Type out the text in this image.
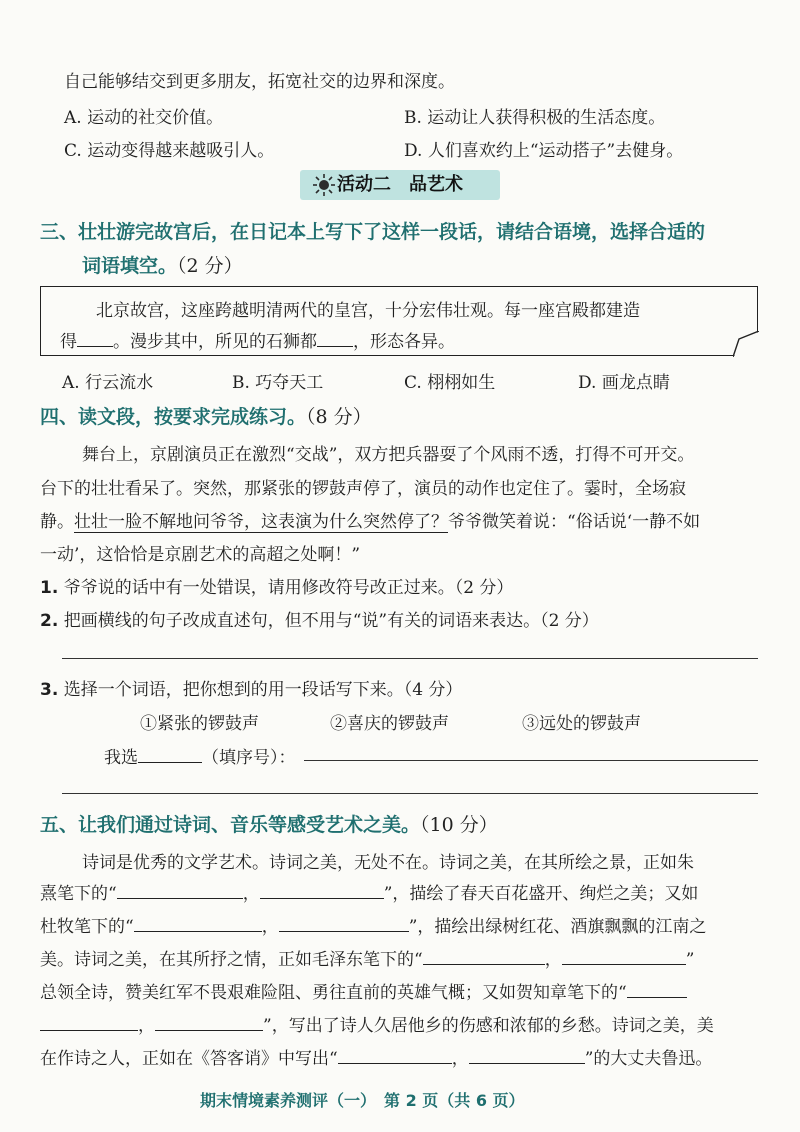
自己能够结交到更多朋友，拓宽社交的边界和深度。
A. 运动的社交价值。	B. 运动让人获得积极的生活态度。
C. 运动变得越来越吸引人。	D. 人们喜欢约上“运动搭子”去健身。
活动二　品艺术
三、壮壮游完故宫后，在日记本上写下了这样一段话，请结合语境，选择合适的
词语填空。（2 分）
北京故宫，这座跨越明清两代的皇宫，十分宏伟壮观。每一座宫殿都建造
得 。漫步其中，所见的石狮都 ，形态各异。
A. 行云流水	B. 巧夺天工	C. 栩栩如生	D. 画龙点睛
四、读文段，按要求完成练习。（8 分）
舞台上，京剧演员正在激烈“交战”，双方把兵器耍了个风雨不透，打得不可开交。
台下的壮壮看呆了。突然，那紧张的锣鼓声停了，演员的动作也定住了。霎时，全场寂
静。壮壮一脸不解地问爷爷，这表演为什么突然停了？爷爷微笑着说：“俗话说‘一静不如
一动’，这恰恰是京剧艺术的高超之处啊！”
1. 爷爷说的话中有一处错误，请用修改符号改正过来。（2 分）
2. 把画横线的句子改成直述句，但不用与“说”有关的词语来表达。（2 分）
3. 选择一个词语，把你想到的用一段话写下来。（4 分）
①紧张的锣鼓声	②喜庆的锣鼓声	③远处的锣鼓声
我选	（填序号）：
五、让我们通过诗词、音乐等感受艺术之美。（10 分）
诗词是优秀的文学艺术。诗词之美，无处不在。诗词之美，在其所绘之景，正如朱
熹笔下的“	，	”，描绘了春天百花盛开、绚烂之美；又如
杜牧笔下的“	，	”，描绘出绿树红花、酒旗飘飘的江南之
美。诗词之美，在其所抒之情，正如毛泽东笔下的“	，	”
总领全诗，赞美红军不畏艰难险阻、勇往直前的英雄气概；又如贺知章笔下的“
，	”，写出了诗人久居他乡的伤感和浓郁的乡愁。诗词之美，美
在作诗之人，正如在《答客诮》中写出“	，	”的大丈夫鲁迅。
期末情境素养测评（一）　第 2 页（共 6 页）
